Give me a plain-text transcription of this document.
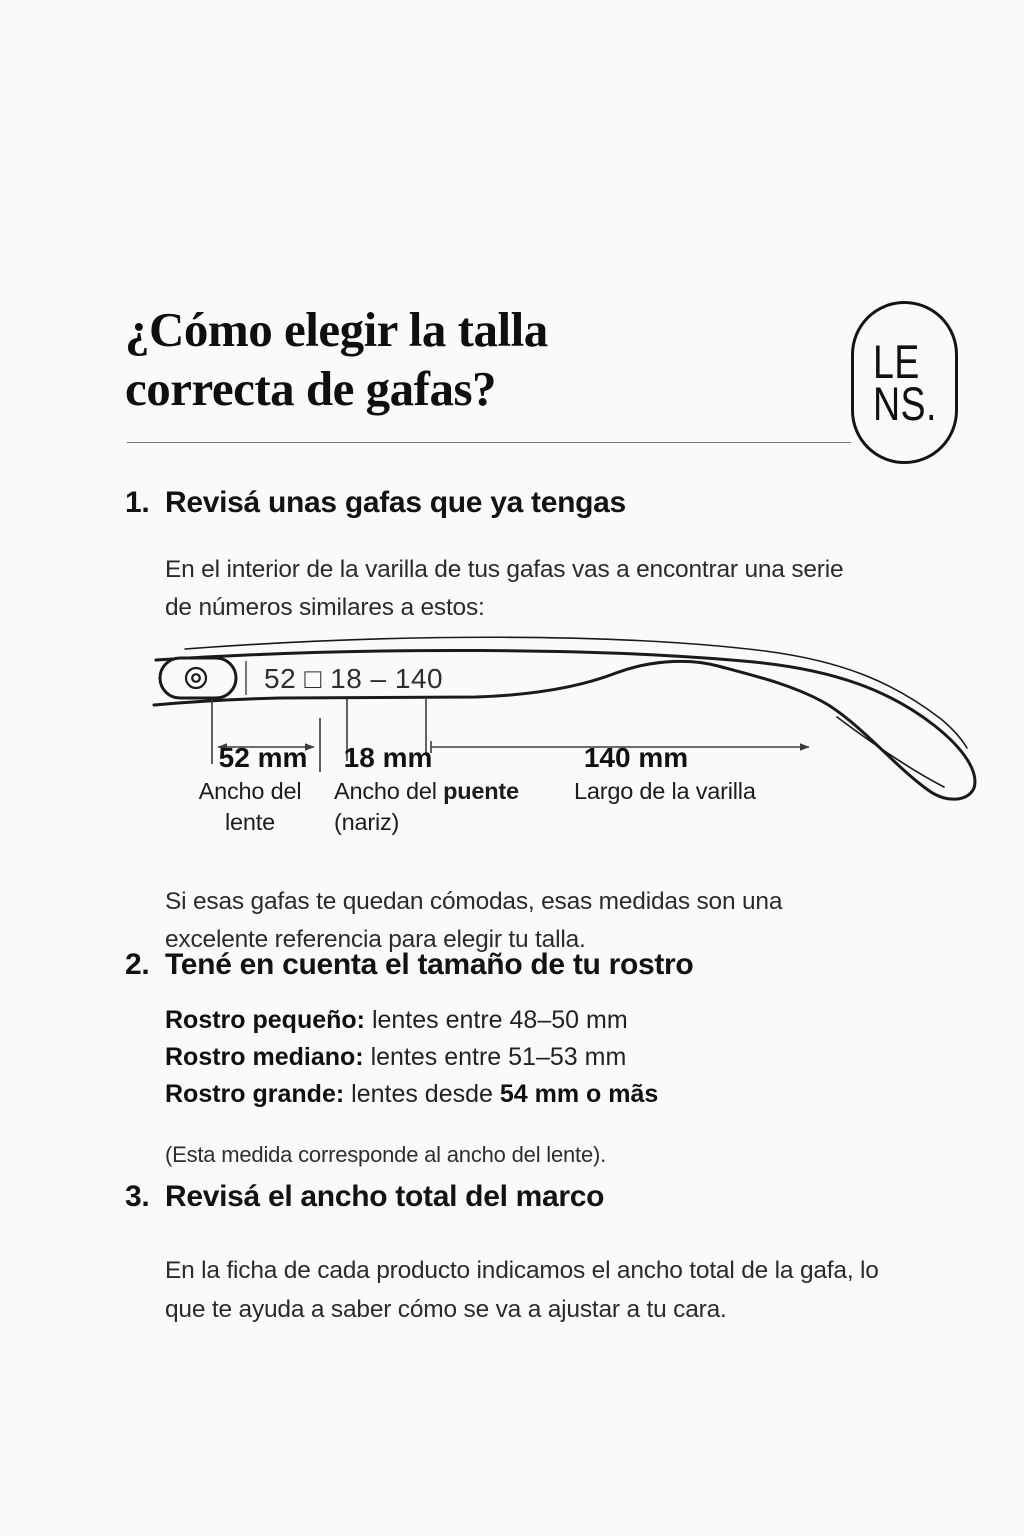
¿Cómo elegir la talla
correcta de gafas?	LE
NS.
1. Revisá unas gafas que ya tengas

En el interior de la varilla de tus gafas vas a encontrar una serie de números similares a estos:

52 □ 18 – 140
52 mm 18 mm	140 mm
Ancho del
lente
Ancho del puente
(nariz)
Largo de la varilla

Si esas gafas te quedan cómodas, esas medidas son una excelente referencia para elegir tu talla.

2. Tené en cuenta el tamaño de tu rostro
Rostro pequeño: lentes entre 48–50 mm
Rostro mediano: lentes entre 51–53 mm
Rostro grande: lentes desde 54 mm o mãs

(Esta medida corresponde al ancho del lente).

3. Revisá el ancho total del marco

En la ficha de cada producto indicamos el ancho total de la gafa, lo que te ayuda a saber cómo se va a ajustar a tu cara.
